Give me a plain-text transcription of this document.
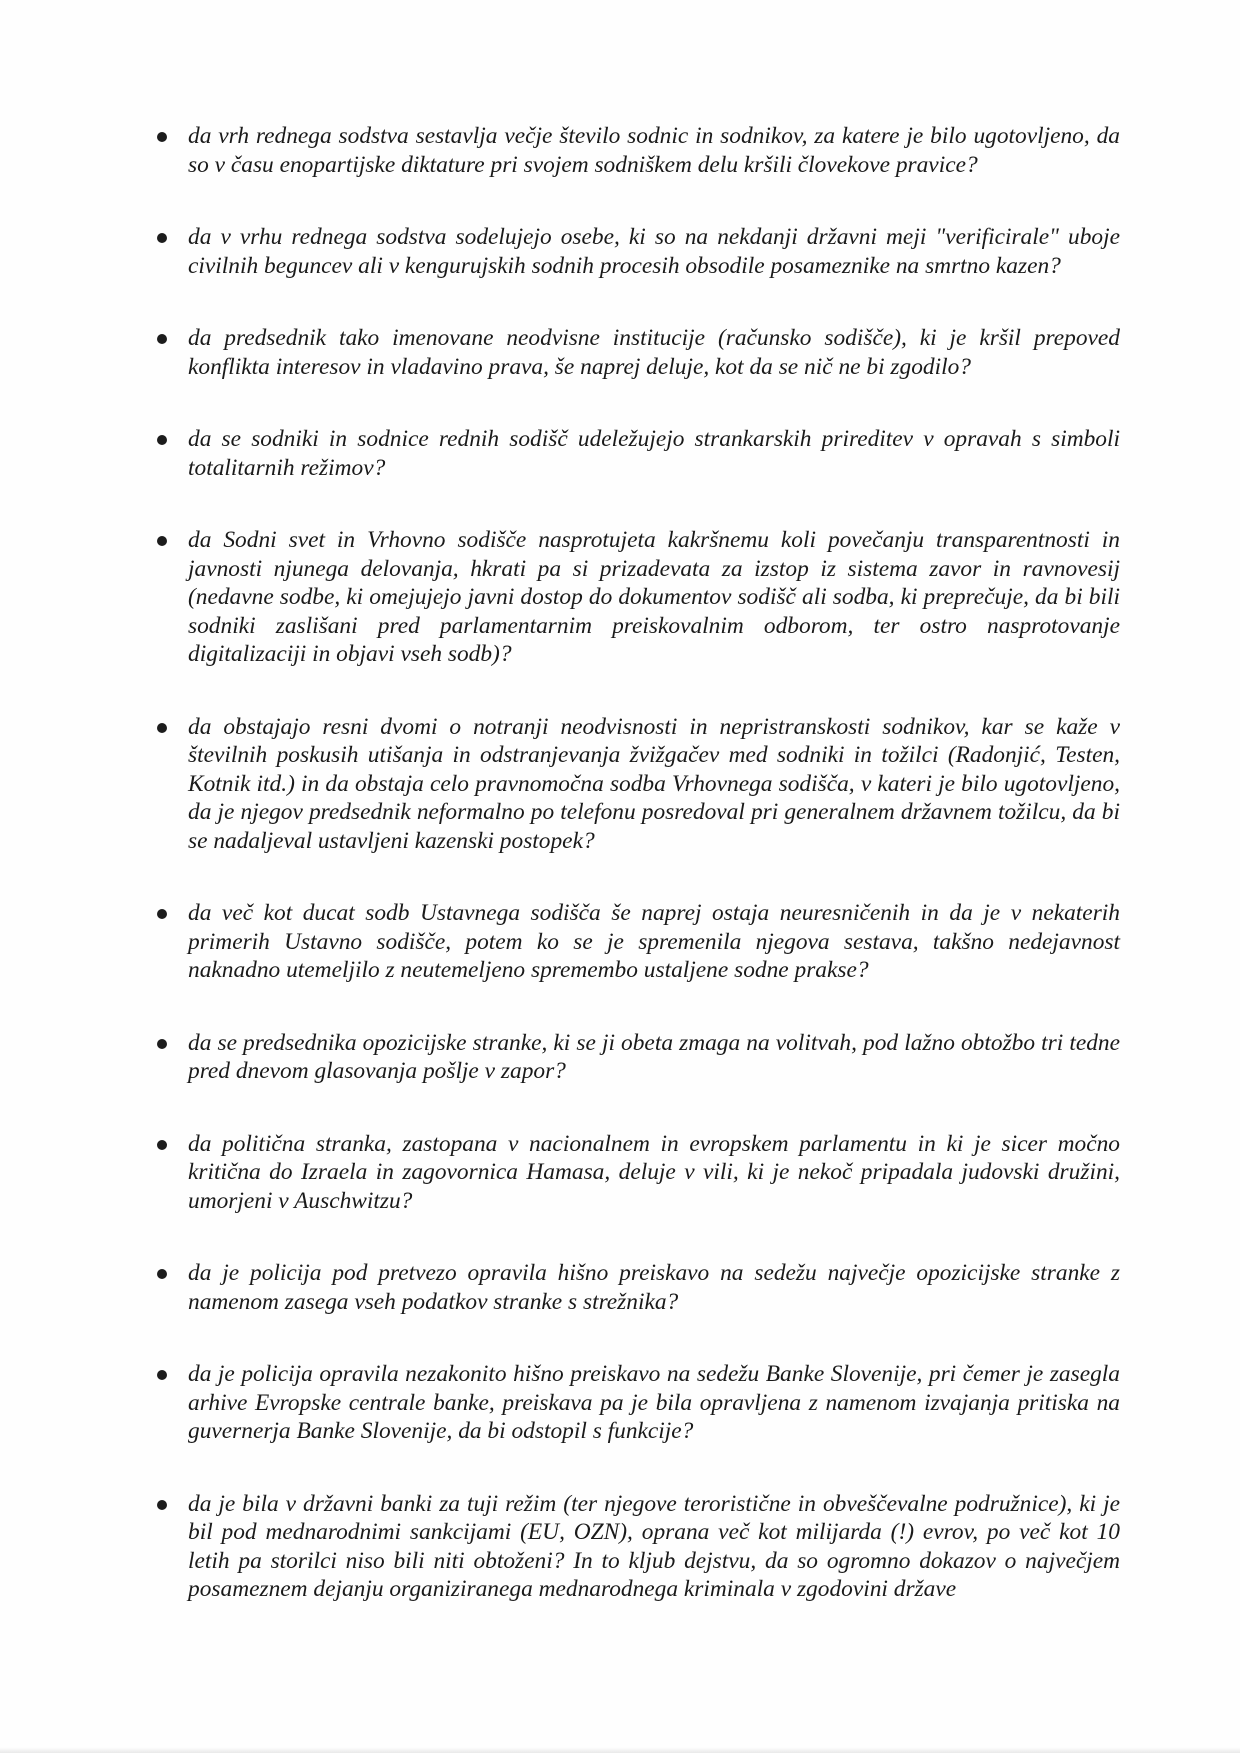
da vrh rednega sodstva sestavlja večje število sodnic in sodnikov, za katere je bilo ugotovljeno, da so v času enopartijske diktature pri svojem sodniškem delu kršili človekove pravice?
da v vrhu rednega sodstva sodelujejo osebe, ki so na nekdanji državni meji "verificirale" uboje civilnih beguncev ali v kengurujskih sodnih procesih obsodile posameznike na smrtno kazen?
da predsednik tako imenovane neodvisne institucije (računsko sodišče), ki je kršil prepoved konflikta interesov in vladavino prava, še naprej deluje, kot da se nič ne bi zgodilo?
da se sodniki in sodnice rednih sodišč udeležujejo strankarskih prireditev v opravah s simboli totalitarnih režimov?
da Sodni svet in Vrhovno sodišče nasprotujeta kakršnemu koli povečanju transparentnosti in javnosti njunega delovanja, hkrati pa si prizadevata za izstop iz sistema zavor in ravnovesij (nedavne sodbe, ki omejujejo javni dostop do dokumentov sodišč ali sodba, ki preprečuje, da bi bili sodniki zaslišani pred parlamentarnim preiskovalnim odborom, ter ostro nasprotovanje digitalizaciji in objavi vseh sodb)?
da obstajajo resni dvomi o notranji neodvisnosti in nepristranskosti sodnikov, kar se kaže v številnih poskusih utišanja in odstranjevanja žvižgačev med sodniki in tožilci (Radonjić, Testen, Kotnik itd.) in da obstaja celo pravnomočna sodba Vrhovnega sodišča, v kateri je bilo ugotovljeno, da je njegov predsednik neformalno po telefonu posredoval pri generalnem državnem tožilcu, da bi se nadaljeval ustavljeni kazenski postopek?
da več kot ducat sodb Ustavnega sodišča še naprej ostaja neuresničenih in da je v nekaterih primerih Ustavno sodišče, potem ko se je spremenila njegova sestava, takšno nedejavnost naknadno utemeljilo z neutemeljeno spremembo ustaljene sodne prakse?
da se predsednika opozicijske stranke, ki se ji obeta zmaga na volitvah, pod lažno obtožbo tri tedne pred dnevom glasovanja pošlje v zapor?
da politična stranka, zastopana v nacionalnem in evropskem parlamentu in ki je sicer močno kritična do Izraela in zagovornica Hamasa, deluje v vili, ki je nekoč pripadala judovski družini, umorjeni v Auschwitzu?
da je policija pod pretvezo opravila hišno preiskavo na sedežu največje opozicijske stranke z namenom zasega vseh podatkov stranke s strežnika?
da je policija opravila nezakonito hišno preiskavo na sedežu Banke Slovenije, pri čemer je zasegla arhive Evropske centrale banke, preiskava pa je bila opravljena z namenom izvajanja pritiska na guvernerja Banke Slovenije, da bi odstopil s funkcije?
da je bila v državni banki za tuji režim (ter njegove teroristične in obveščevalne podružnice), ki je bil pod mednarodnimi sankcijami (EU, OZN), oprana več kot milijarda (!) evrov, po več kot 10 letih pa storilci niso bili niti obtoženi? In to kljub dejstvu, da so ogromno dokazov o največjem posameznem dejanju organiziranega mednarodnega kriminala v zgodovini države
